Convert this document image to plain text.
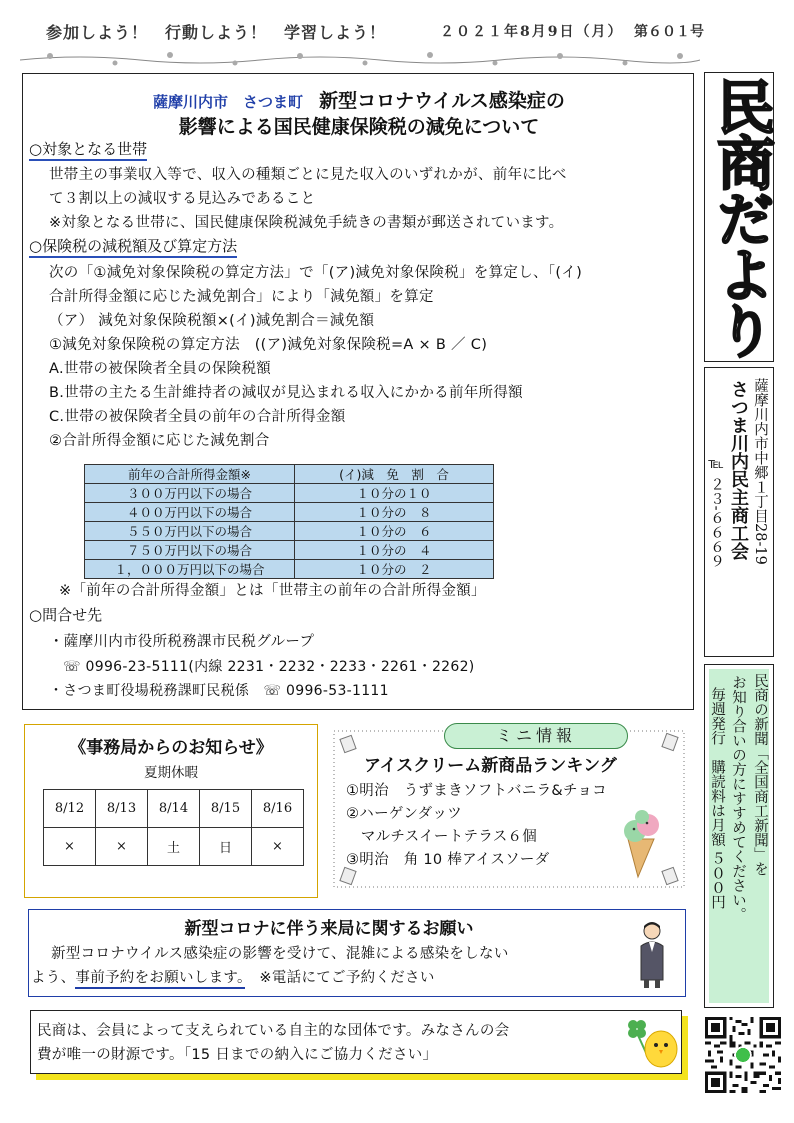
参加しよう！　行動しよう！　学習しよう！	２０２１年8月9日（月） 第６０１号
薩摩川内市　さつま町 新型コロナウイルス感染症の
影響による国民健康保険税の減免について
○対象となる世帯
世帯主の事業収入等で、収入の種類ごとに見た収入のいずれかが、前年に比べ
て３割以上の減収する見込みであること
※対象となる世帯に、国民健康保険税減免手続きの書類が郵送されています。
○保険税の減税額及び算定方法
次の「①減免対象保険税の算定方法」で「(ア)減免対象保険税」を算定し、「(イ)
合計所得金額に応じた減免割合」により「減免額」を算定
（ア） 減免対象保険税額×(イ)減免割合＝減免額
①減免対象保険税の算定方法　((ア)減免対象保険税=A × B ／ C)
A.世帯の被保険者全員の保険税額
B.世帯の主たる生計維持者の減収が見込まれる収入にかかる前年所得額
C.世帯の被保険者全員の前年の合計所得金額
②合計所得金額に応じた減免割合
※「前年の合計所得金額」とは「世帯主の前年の合計所得金額」
○問合せ先
・薩摩川内市役所税務課市民税グループ
☏ 0996-23-5111(内線 2231・2232・2233・2261・2262)
・さつま町役場税務課町民税係　☏ 0996-53-1111
前年の合計所得金額※	(イ)減　免　割　合
３００万円以下の場合	１０分の１０
４００万円以下の場合	１０分の　８
５５０万円以下の場合	１０分の　６
７５０万円以下の場合	１０分の　４
１，０００万円以下の場合	１０分の　２
民商だより
薩摩川内市中郷１丁目28-19
さつま川内民主商工会
℡ ２３-６６６９
民商の新聞「全国商工新聞」を
お知り合いの方にすすめてください。
毎週発行　購読料は月額 ５００円
《事務局からのお知らせ》
夏期休暇
8/12	8/13	8/14	8/15	8/16
×	×	土	日	×
ミニ情報
アイスクリーム新商品ランキング
①明治　うずまきソフトバニラ&チョコ
②ハーゲンダッツ
　マルチスイートテラス６個
③明治　角 10 棒アイスソーダ
新型コロナに伴う来局に関するお願い
新型コロナウイルス感染症の影響を受けて、混雑による感染をしない
よう、事前予約をお願いします。　※電話にてご予約ください
民商は、会員によって支えられている自主的な団体です。みなさんの会
費が唯一の財源です。「15 日までの納入にご協力ください」
